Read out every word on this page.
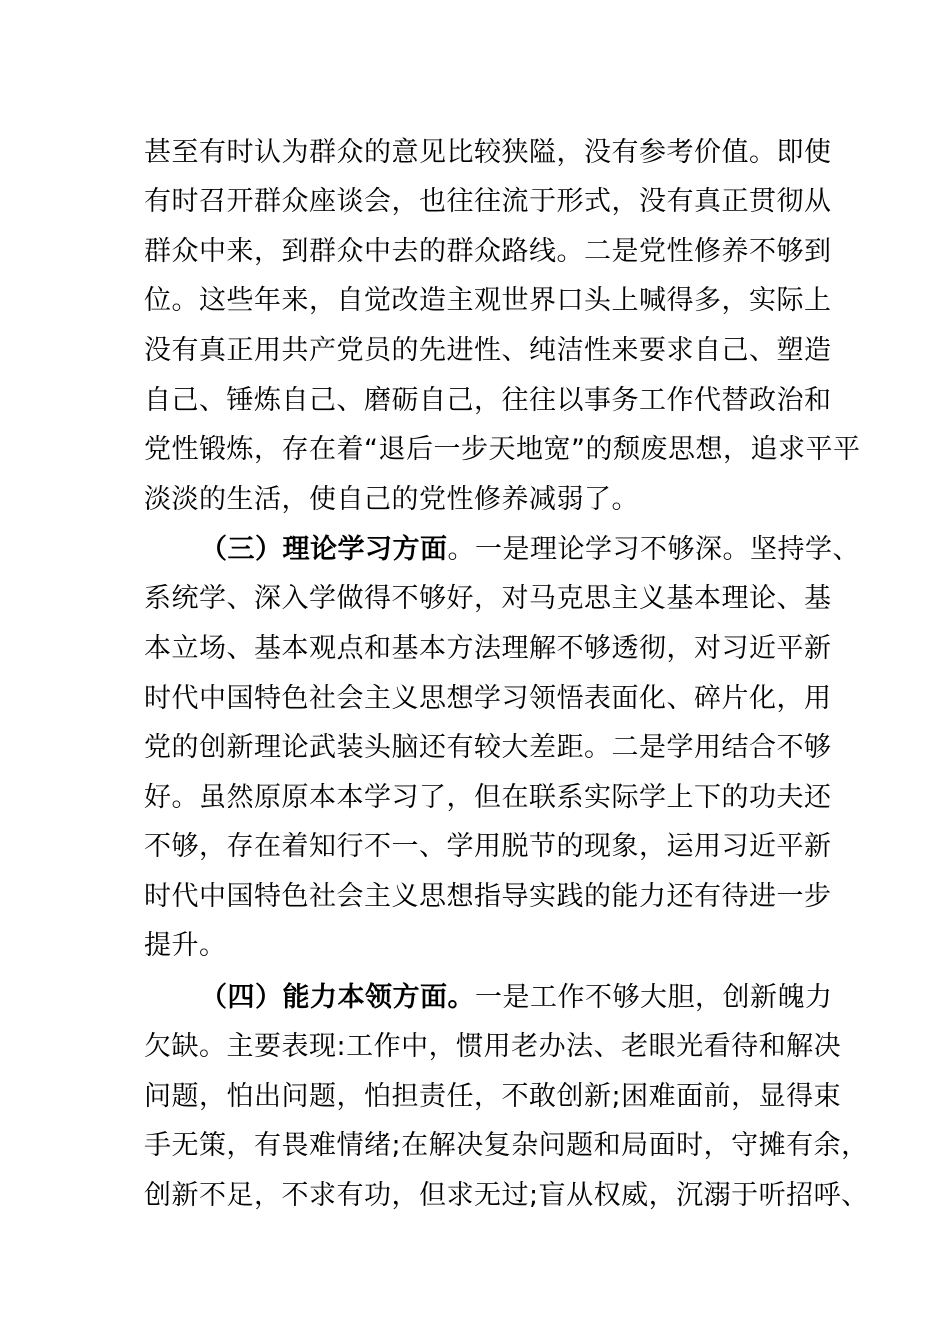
甚至有时认为群众的意见比较狭隘，没有参考价值。即使
有时召开群众座谈会，也往往流于形式，没有真正贯彻从
群众中来，到群众中去的群众路线。二是党性修养不够到
位。这些年来，自觉改造主观世界口头上喊得多，实际上
没有真正用共产党员的先进性、纯洁性来要求自己、塑造
自己、锤炼自己、磨砺自己，往往以事务工作代替政治和
党性锻炼，存在着“退后一步天地宽”的颓废思想，追求平平
淡淡的生活，使自己的党性修养减弱了。
（三）理论学习方面。一是理论学习不够深。坚持学、
系统学、深入学做得不够好，对马克思主义基本理论、基
本立场、基本观点和基本方法理解不够透彻，对习近平新
时代中国特色社会主义思想学习领悟表面化、碎片化，用
党的创新理论武装头脑还有较大差距。二是学用结合不够
好。虽然原原本本学习了，但在联系实际学上下的功夫还
不够，存在着知行不一、学用脱节的现象，运用习近平新
时代中国特色社会主义思想指导实践的能力还有待进一步
提升。
（四）能力本领方面。一是工作不够大胆，创新魄力
欠缺。主要表现:工作中，惯用老办法、老眼光看待和解决
问题，怕出问题，怕担责任，不敢创新;困难面前，显得束
手无策，有畏难情绪;在解决复杂问题和局面时，守摊有余，
创新不足，不求有功，但求无过;盲从权威，沉溺于听招呼、
